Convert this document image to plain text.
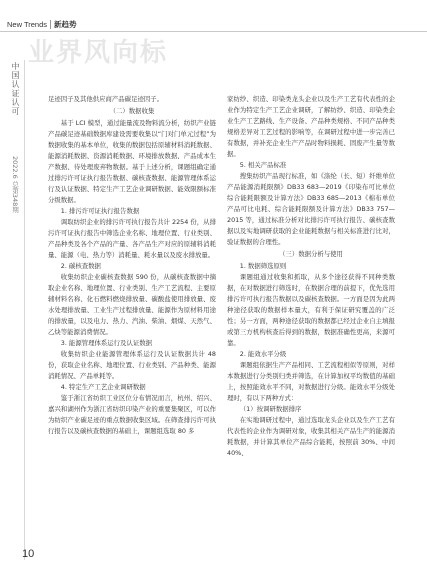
New Trends 新趋势
业界风向标
中国认证认可
2022.6 总第348期

足迹因子及其他供应商产品碳足迹因子。

（二）数据收集

基于 LCI 模型，通过能量流及物料流分析，纺织产业链产品碳足迹基础数据库建设需要收集以“门对门单元过程”为数据收集的基本单位，收集的数据包括原辅材料消耗数据、能源消耗数据、资源消耗数据、环境排放数据、产品成本生产数据、待处理废弃物数据。基于上述分析，课题组确定通过排污许可证执行报告数据、碳核查数据、能源管理体系运行及认证数据、特定生产工艺企业调研数据、能效限额标准分级数据。

1. 排污许可证执行报告数据

调取纺织企业的排污许可执行报告共计 2254 份，从排污许可证执行报告中筛选企业名称、地理位置、行业类别、产品种类及各个产品的产量、各产品生产对应的原辅料消耗量、能源（电、热力等）消耗量、耗水量以及废水排放量。

2. 碳核查数据

收集纺织企业碳核查数据 590 份，从碳核查数据中摘取企业名称、地理位置、行业类别、生产工艺流程、主要原辅材料名称、化石燃料燃烧排放量、碳酸盐使用排放量、废水处理排放量、工业生产过程排放量、能源作为原材料用途的排放量，以及电力、热力、汽油、柴油、烟煤、天然气、乙炔等能源消费情况。

3. 能源管理体系运行及认证数据

收集纺织企业能源管理体系运行及认证数据共计 48 份，获取企业名称、地理位置、行业类别、产品种类、能源消耗情况、产品单耗等。

4. 特定生产工艺企业调研数据

鉴于浙江省纺织工业区位分布情况而言，杭州、绍兴、嘉兴和湖州作为浙江省纺织印染产业的重要集聚区，可以作为纺织产业碳足迹的重点数据收集区域。在筛查排污许可执行报告以及碳核查数据的基础上，课题组选取 80 多

家纺纱、织造、印染类龙头企业以及生产工艺有代表性的企业作为特定生产工艺企业调研，了解纺纱、织造、印染类企业生产工艺路线、生产设备、产品种类规格、不同产品种类规格差异对工艺过程的影响等，在调研过程中进一步完善已有数据，并补充企业生产产品时物料损耗、固废产生量等数据。

5. 相关产品标准

搜集纺织产品现行标准，如《涤纶（长、短）纤维单位产品能源消耗限额》DB33 683—2019《印染布可比单位综合能耗限额及计算方法》DB33 685—2013《棉布单位产品可比电耗、综合能耗限额及计算方法》DB33 757—2015 等，通过标准分析对比排污许可执行报告、碳核查数据以及实地调研获取的企业能耗数据与相关标准进行比对，验证数据的合理性。

（三）数据分析与使用

1. 数据筛选原则

课题组通过收集和抓取，从多个途径获得不同种类数据，在对数据进行筛选时，在数据合理的前提下，优先选用排污许可执行报告数据以及碳核查数据。一方面是因为此两种途径获取的数据样本量大，有利于保证研究覆盖的广泛性；另一方面，两种途径获取的数据都已经过企业自主填报或第三方机构核查后得到的数据，数据准确性更高，来源可靠。

2. 能效水平分级

课题组依据生产产品相同、工艺流程相似等原则，对样本数据进行分类别归类并筛选，在计算加权平均数值的基础上，按照能效水平不同，对数据进行分级。能效水平分级处理时，有以下两种方式：

（1）按调研数据排序

在实地调研过程中，通过选取龙头企业以及生产工艺有代表性的企业作为调研对象，收集其相关产品生产的能源消耗数据，并计算其单位产品综合能耗，按照前 30%、中间 40%、

10
